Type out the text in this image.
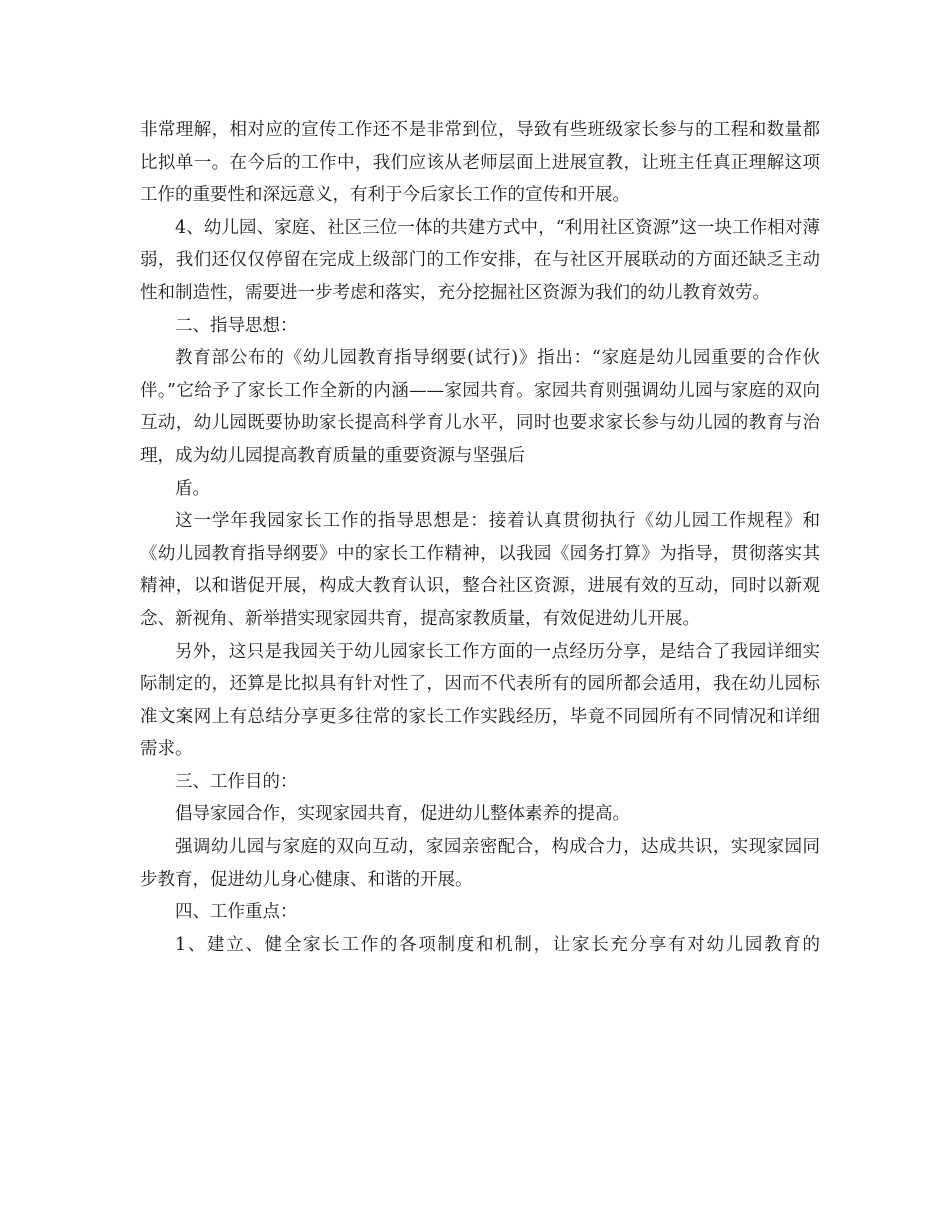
非常理解，相对应的宣传工作还不是非常到位，导致有些班级家长参与的工程和数量都比拟单一。在今后的工作中，我们应该从老师层面上进展宣教，让班主任真正理解这项工作的重要性和深远意义，有利于今后家长工作的宣传和开展。

4、幼儿园、家庭、社区三位一体的共建方式中，“利用社区资源”这一块工作相对薄弱，我们还仅仅停留在完成上级部门的工作安排，在与社区开展联动的方面还缺乏主动性和制造性，需要进一步考虑和落实，充分挖掘社区资源为我们的幼儿教育效劳。

二、指导思想：

教育部公布的《幼儿园教育指导纲要(试行)》指出：“家庭是幼儿园重要的合作伙伴。”它给予了家长工作全新的内涵——家园共育。家园共育则强调幼儿园与家庭的双向互动，幼儿园既要协助家长提高科学育儿水平，同时也要求家长参与幼儿园的教育与治理，成为幼儿园提高教育质量的重要资源与坚强后

盾。

这一学年我园家长工作的指导思想是：接着认真贯彻执行《幼儿园工作规程》和《幼儿园教育指导纲要》中的家长工作精神，以我园《园务打算》为指导，贯彻落实其精神，以和谐促开展，构成大教育认识，整合社区资源，进展有效的互动，同时以新观念、新视角、新举措实现家园共育，提高家教质量，有效促进幼儿开展。

另外，这只是我园关于幼儿园家长工作方面的一点经历分享，是结合了我园详细实际制定的，还算是比拟具有针对性了，因而不代表所有的园所都会适用，我在幼儿园标准文案网上有总结分享更多往常的家长工作实践经历，毕竟不同园所有不同情况和详细需求。

三、工作目的：

倡导家园合作，实现家园共育，促进幼儿整体素养的提高。

强调幼儿园与家庭的双向互动，家园亲密配合，构成合力，达成共识，实现家园同步教育，促进幼儿身心健康、和谐的开展。

四、工作重点：

1、建立、健全家长工作的各项制度和机制，让家长充分享有对幼儿园教育的
